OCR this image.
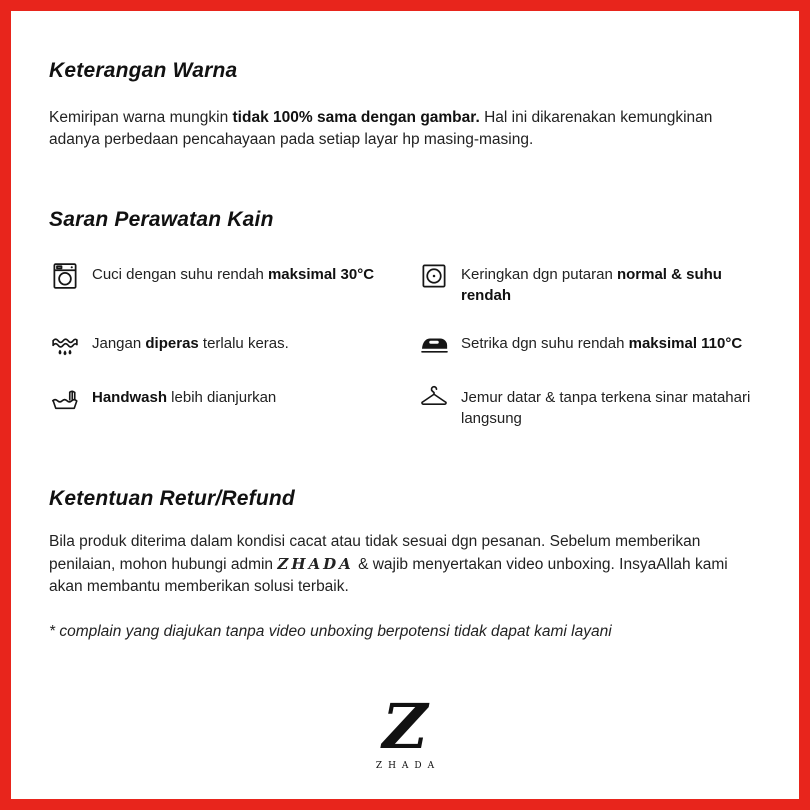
Keterangan Warna

Kemiripan warna mungkin tidak 100% sama dengan gambar. Hal ini dikarenakan kemungkinan adanya perbedaan pencahayaan pada setiap layar hp masing-masing.

Saran Perawatan Kain
Cuci dengan suhu rendah maksimal 30°C	Keringkan dgn putaran normal & suhu rendah
Jangan diperas terlalu keras.	Setrika dgn suhu rendah maksimal 110°C
Handwash lebih dianjurkan	Jemur datar & tanpa terkena sinar matahari langsung
Ketentuan Retur/Refund

Bila produk diterima dalam kondisi cacat atau tidak sesuai dgn pesanan. Sebelum memberikan penilaian, mohon hubungi admin ZHADA & wajib menyertakan video unboxing. InsyaAllah kami akan membantu memberikan solusi terbaik.

* complain yang diajukan tanpa video unboxing berpotensi tidak dapat kami layani

Z
ZHADA
